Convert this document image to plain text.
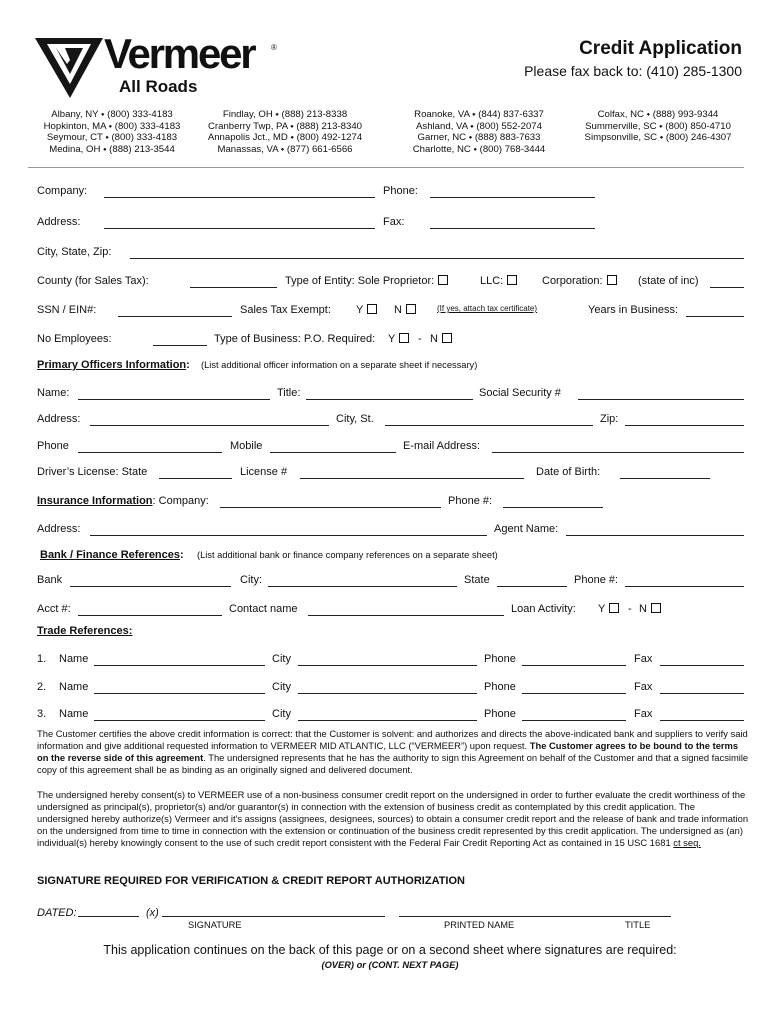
Vermeer ®
All Roads
Credit Application
Please fax back to: (410) 285-1300
Albany, NY ⬩ (800) 333-4183
Hopkinton, MA ⬩ (800) 333-4183
Seymour, CT ⬩ (800) 333-4183
Medina, OH ⬩ (888) 213-3544
Findlay, OH ⬩ (888) 213-8338
Cranberry Twp, PA ⬩ (888) 213-8340
Annapolis Jct., MD ⬩ (800) 492-1274
Manassas, VA ⬩ (877) 661-6566
Roanoke, VA ⬩ (844) 837-6337
Ashland, VA ⬩ (800) 552-2074
Garner, NC ⬩ (888) 883-7633
Charlotte, NC ⬩ (800) 768-3444
Colfax, NC ⬩ (888) 993-9344
Summerville, SC ⬩ (800) 850-4710
Simpsonville, SC ⬩ (800) 246-4307
Company:	Phone:
Address:	Fax:
City, State, Zip:
County (for Sales Tax):	Type of Entity: Sole Proprietor:	LLC:	Corporation:	(state of inc)
SSN / EIN#:	Sales Tax Exempt: Y	N	(If yes, attach tax certificate)	Years in Business:
No Employees:	Type of Business: P.O. Required: Y	- N
Primary Officers Information: (List additional officer information on a separate sheet if necessary)
Name:	Title:	Social Security #
Address:	City, St.	Zip:
Phone	Mobile	E-mail Address:
Driver’s License: State	License #	Date of Birth:
Insurance Information: Company:	Phone #:
Address:	Agent Name:
Bank / Finance References: (List additional bank or finance company references on a separate sheet)
Bank	City:	State	Phone #:
Acct #:	Contact name	Loan Activity: Y	- N
Trade References:
1. Name	City	Phone	Fax
2. Name	City	Phone	Fax
3. Name	City	Phone	Fax
The Customer certifies the above credit information is correct: that the Customer is solvent: and authorizes and directs the above-indicated bank and suppliers to verify said information and give additional requested information to VERMEER MID ATLANTIC, LLC (“VERMEER”) upon request. The Customer agrees to be bound to the terms on the reverse side of this agreement. The undersigned represents that he has the authority to sign this Agreement on behalf of the Customer and that a signed facsimile copy of this agreement shall be as binding as an originally signed and delivered document.
The undersigned hereby consent(s) to VERMEER use of a non-business consumer credit report on the undersigned in order to further evaluate the credit worthiness of the undersigned as principal(s), proprietor(s) and/or guarantor(s) in connection with the extension of business credit as contemplated by this credit application. The undersigned hereby authorize(s) Vermeer and it's assigns (assignees, designees, sources) to obtain a consumer credit report and the release of bank and trade information on the undersigned from time to time in connection with the extension or continuation of the business credit represented by this credit application. The undersigned as (an) individual(s) hereby knowingly consent to the use of such credit report consistent with the Federal Fair Credit Reporting Act as contained in 15 USC 1681 ct seq.
SIGNATURE REQUIRED FOR VERIFICATION & CREDIT REPORT AUTHORIZATION
DATED:	(x)
SIGNATURE	PRINTED NAME	TITLE
This application continues on the back of this page or on a second sheet where signatures are required:
(OVER) or (CONT. NEXT PAGE)
